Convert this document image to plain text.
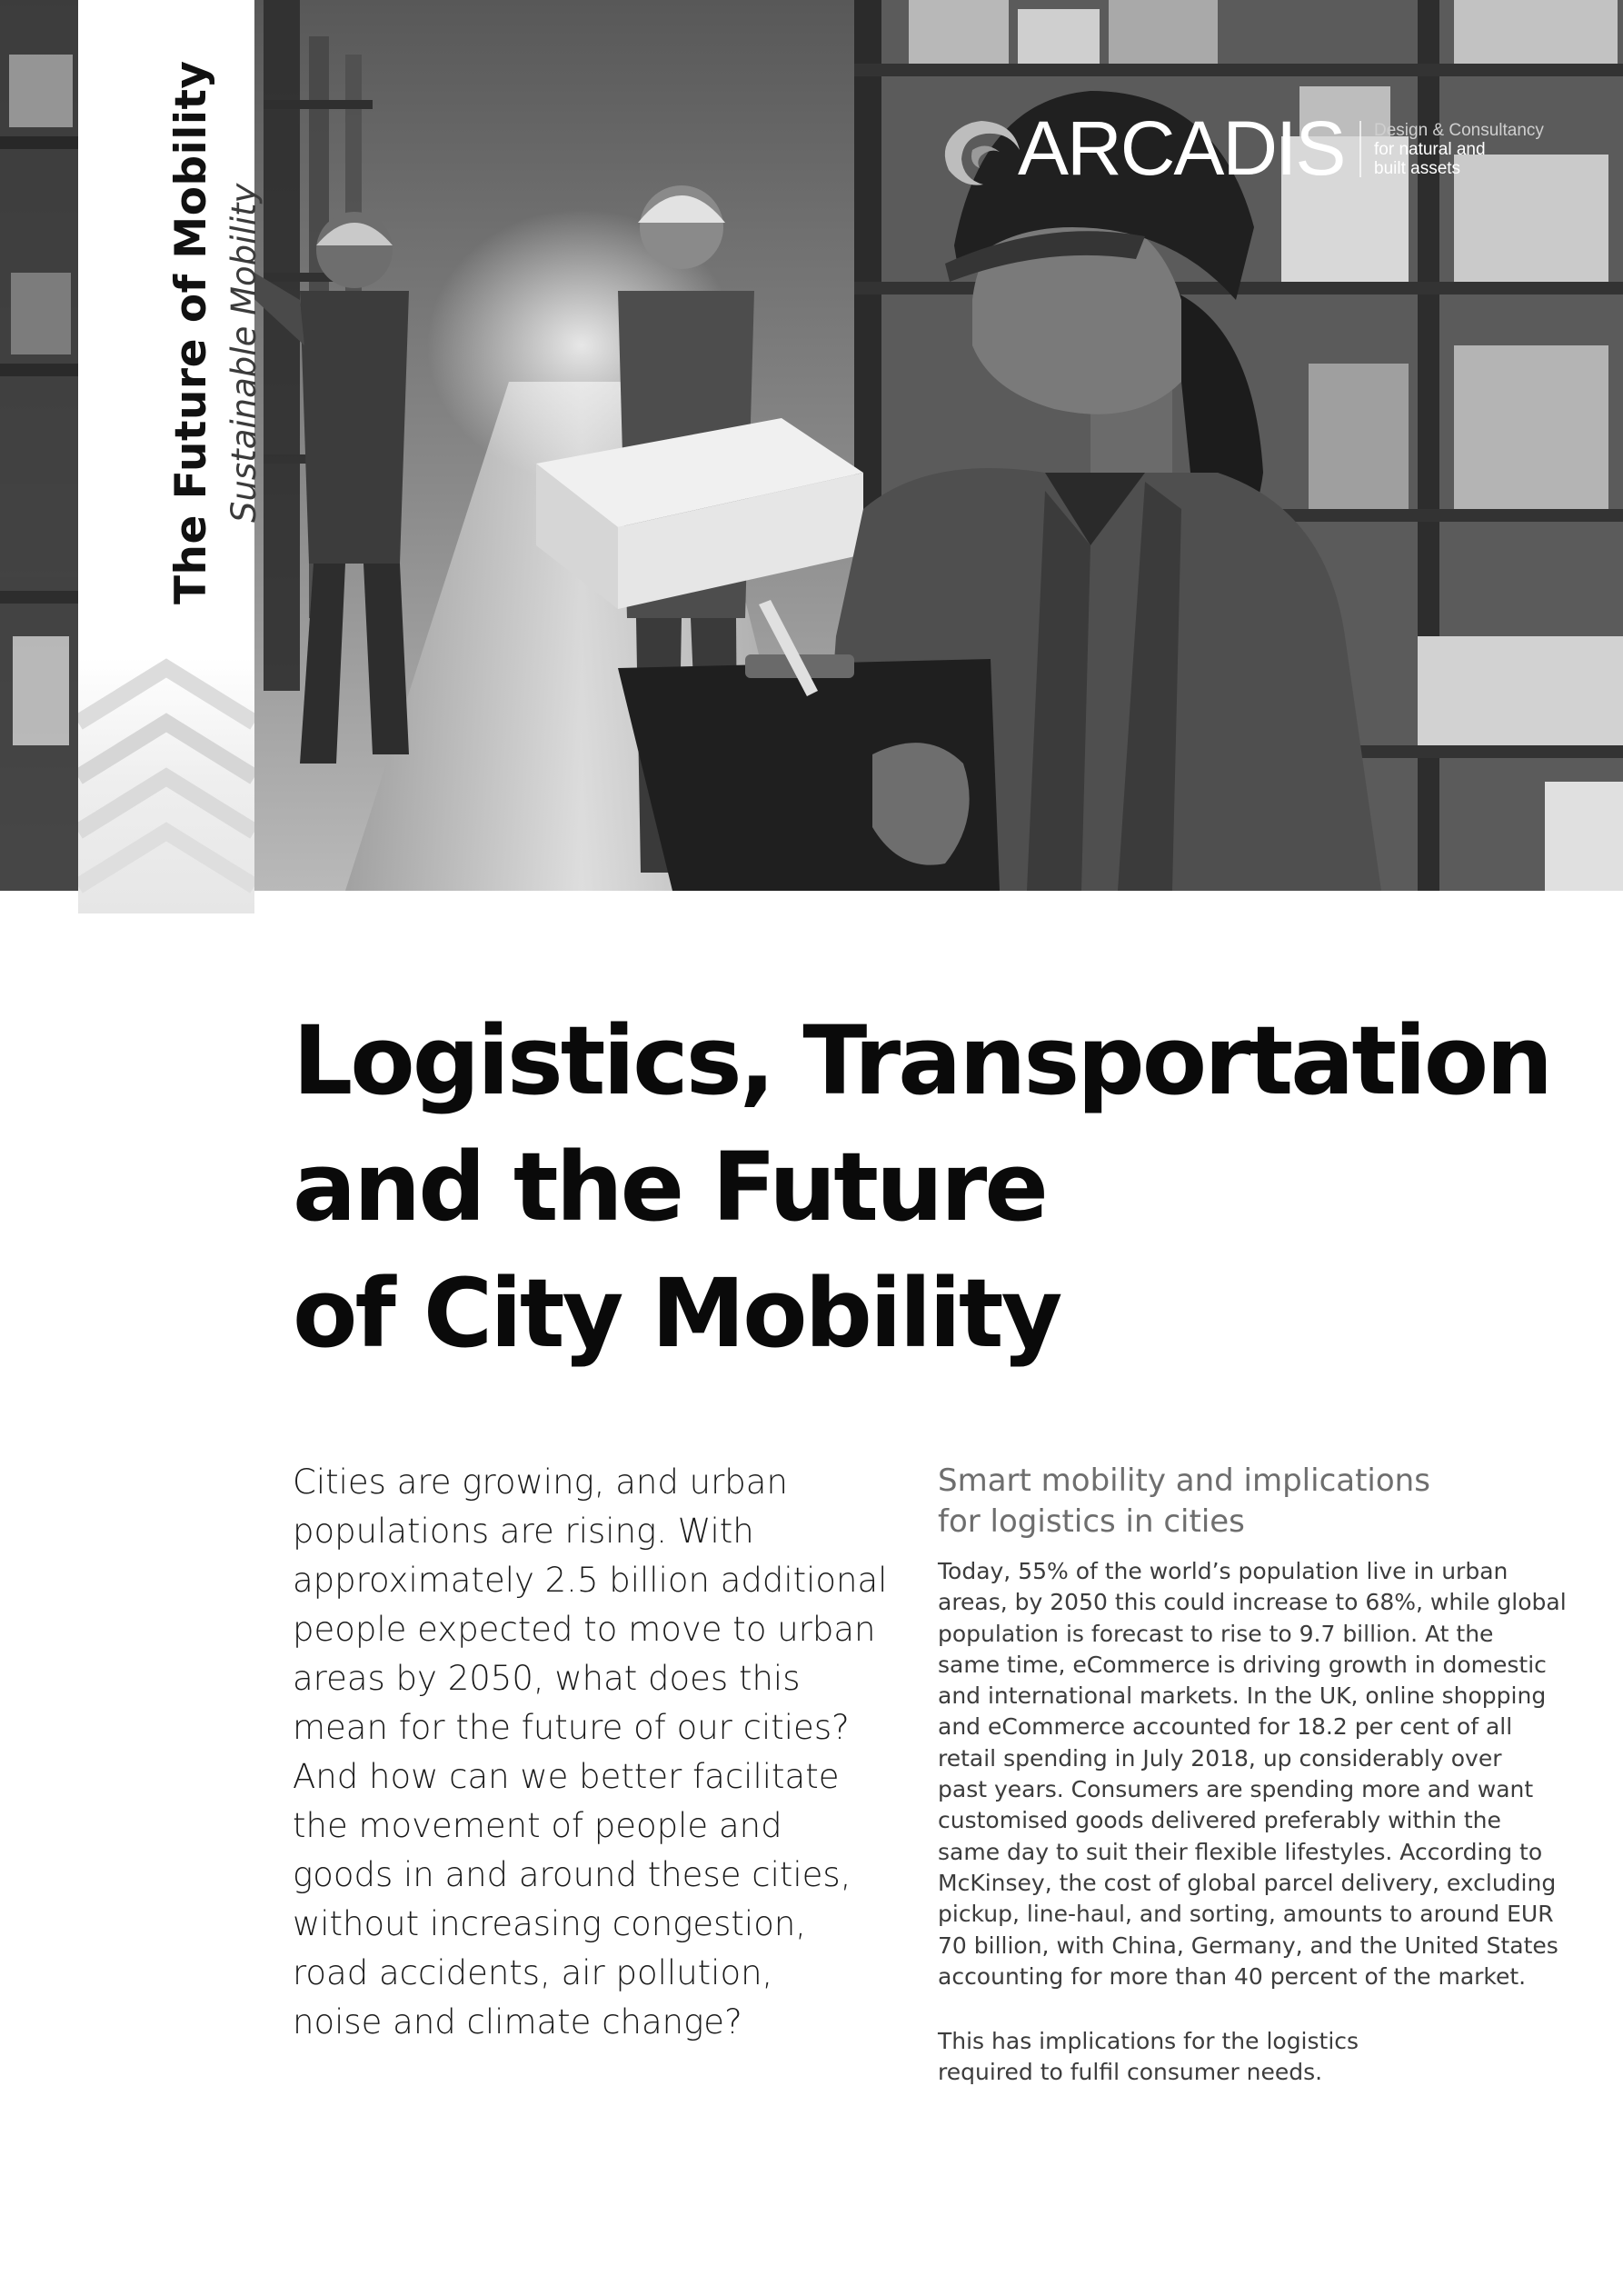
ARCADIS Design & Consultancy
for natural and
built assets
The Future of Mobility Sustainable Mobility
Logistics, Transportation
and the Future
of City Mobility

Cities are growing, and urban
populations are rising. With
approximately 2.5 billion additional
people expected to move to urban
areas by 2050, what does this
mean for the future of our cities?
And how can we better facilitate
the movement of people and
goods in and around these cities,
without increasing congestion,
road accidents, air pollution,
noise and climate change?

Smart mobility and implications
for logistics in cities

Today, 55% of the world’s population live in urban
areas, by 2050 this could increase to 68%, while global
population is forecast to rise to 9.7 billion. At the
same time, eCommerce is driving growth in domestic
and international markets. In the UK, online shopping
and eCommerce accounted for 18.2 per cent of all
retail spending in July 2018, up considerably over
past years. Consumers are spending more and want
customised goods delivered preferably within the
same day to suit their flexible lifestyles. According to
McKinsey, the cost of global parcel delivery, excluding
pickup, line-haul, and sorting, amounts to around EUR
70 billion, with China, Germany, and the United States
accounting for more than 40 percent of the market.

This has implications for the logistics
required to fulfil consumer needs.
